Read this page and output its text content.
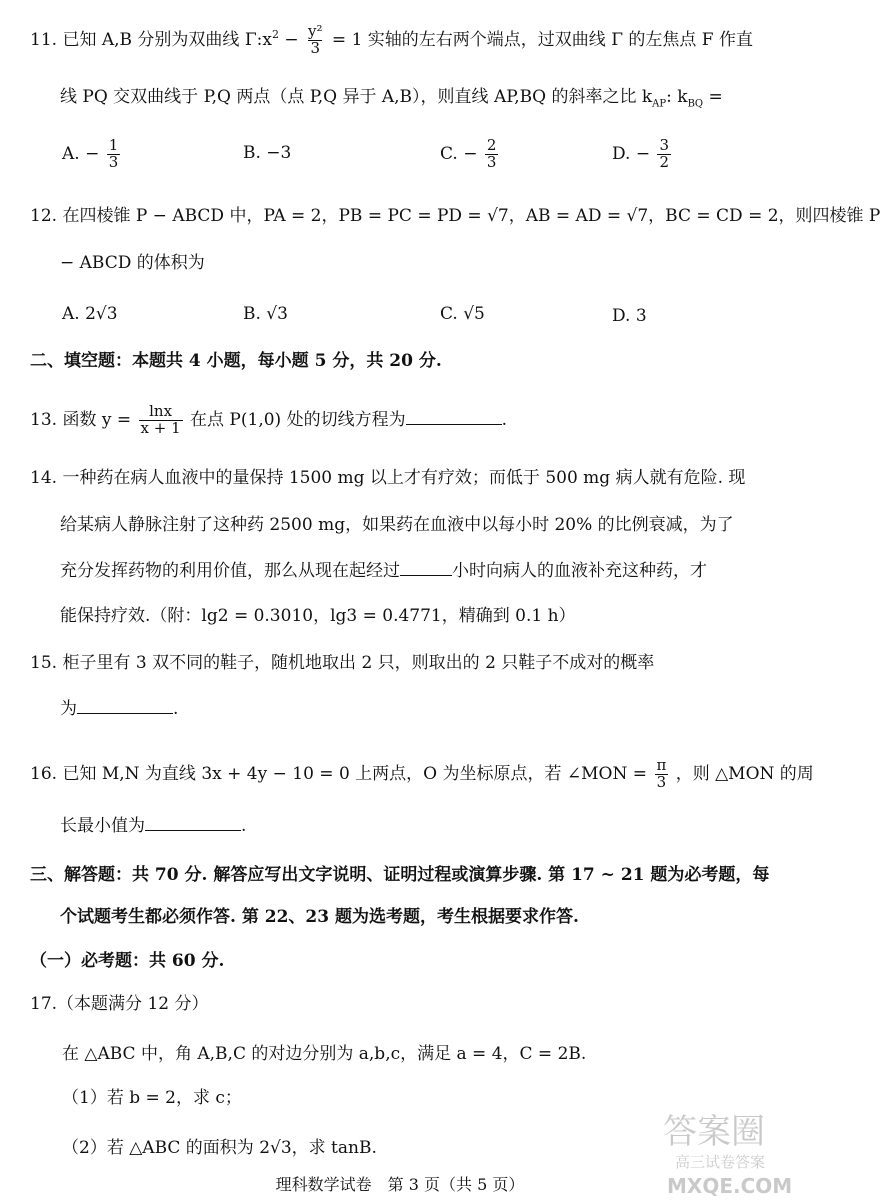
11. 已知 A,B 分别为双曲线 $\Gamma:x^2 - \frac{\text{y²}}{3} = 1$ 实轴的左右两个端点，过双曲线 Γ 的左焦点 F 作直
线 PQ 交双曲线于 P,Q 两点（点 P,Q 异于 A,B），则直线 AP,BQ 的斜率之比 $k_{AP}$: $k_{BQ}$ =
A. − $\frac{1}{3}$	B. −3	C. − $\frac{2}{3}$	D. − $\frac{3}{2}$
12. 在四棱锥 P − ABCD 中，PA = 2，PB = PC = PD = √7，AB = AD = √7，BC = CD = 2，则四棱锥 P
− ABCD 的体积为
A. 2√3	B. √3	C. √5	D. 3
二、填空题：本题共 4 小题，每小题 5 分，共 20 分.
13. 函数 $y = \frac{\ln x}{x + 1}$ 在点 P(1,0) 处的切线方程为	.
14. 一种药在病人血液中的量保持 1500 mg 以上才有疗效；而低于 500 mg 病人就有危险. 现
给某病人静脉注射了这种药 2500 mg，如果药在血液中以每小时 20% 的比例衰减，为了
充分发挥药物的利用价值，那么从现在起经过	小时向病人的血液补充这种药，才
能保持疗效.（附：lg2 = 0.3010，lg3 = 0.4771，精确到 0.1 h）
15. 柜子里有 3 双不同的鞋子，随机地取出 2 只，则取出的 2 只鞋子不成对的概率
为	.
16. 已知 M,N 为直线 3x + 4y − 10 = 0 上两点，O 为坐标原点，若 ∠MON = $\frac{\pi}{3}$ ，则 △MON 的周
长最小值为	.
三、解答题：共 70 分. 解答应写出文字说明、证明过程或演算步骤. 第 17 ~ 21 题为必考题，每
个试题考生都必须作答. 第 22、23 题为选考题，考生根据要求作答.
（一）必考题：共 60 分.
17.（本题满分 12 分）
在 △ABC 中，角 A,B,C 的对边分别为 a,b,c，满足 a = 4，C = 2B.
（1）若 b = 2，求 c；
（2）若 △ABC 的面积为 2√3，求 tanB.
理科数学试卷　第 3 页（共 5 页）
答案圈
高三试卷答案
MXQE.COM
